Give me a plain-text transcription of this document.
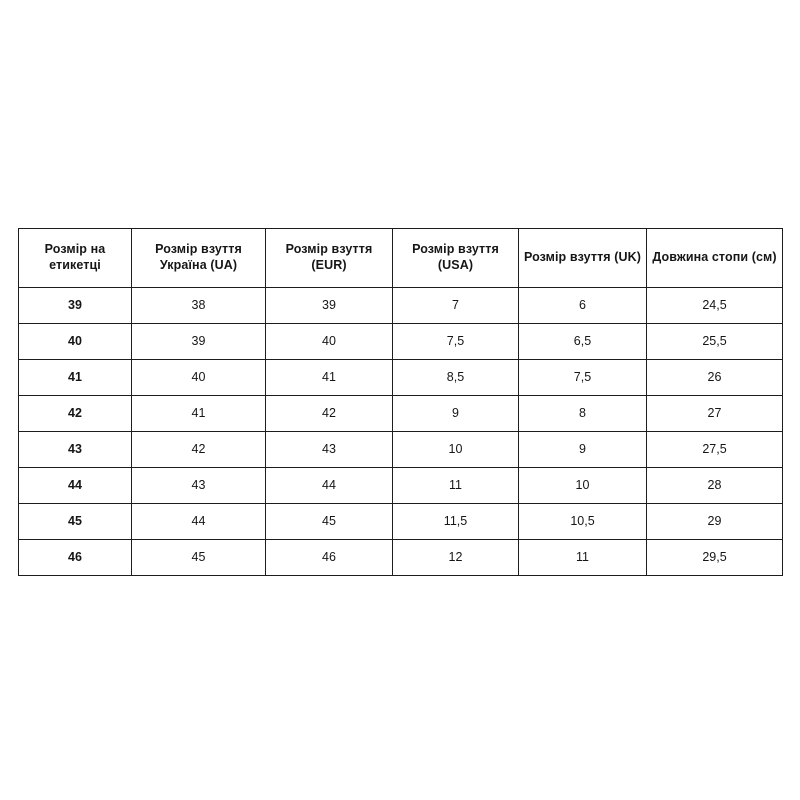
Розмір на етикетці	Розмір взуття Україна (UA)	Розмір взуття (EUR)	Розмір взуття (USA)	Розмір взуття (UK)	Довжина стопи (см)
39	38	39	7	6	24,5
40	39	40	7,5	6,5	25,5
41	40	41	8,5	7,5	26
42	41	42	9	8	27
43	42	43	10	9	27,5
44	43	44	11	10	28
45	44	45	11,5	10,5	29
46	45	46	12	11	29,5
